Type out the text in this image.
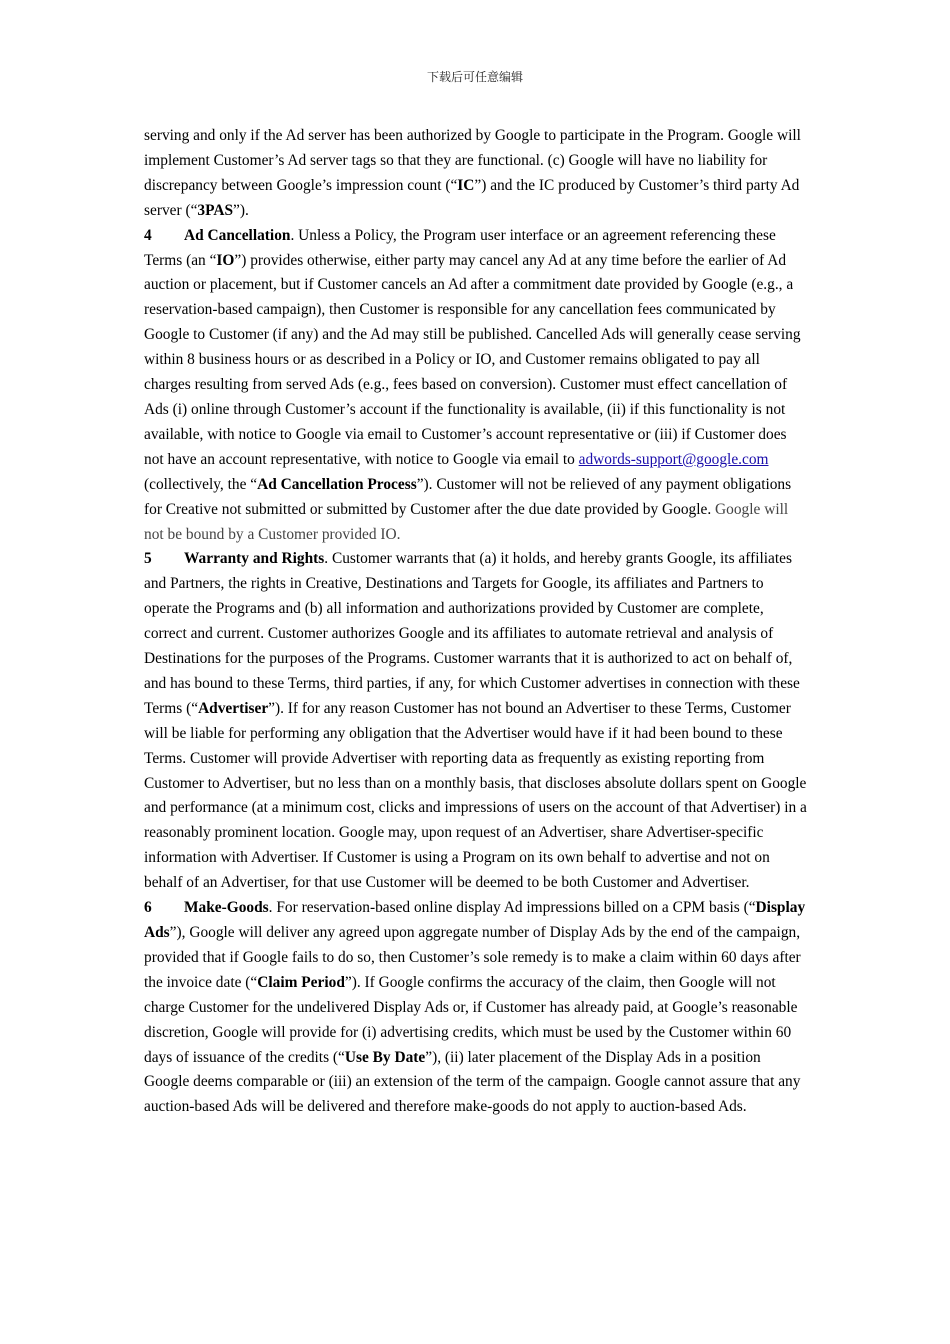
下载后可任意编辑

serving and only if the Ad server has been authorized by Google to participate in the Program. Google will implement Customer’s Ad server tags so that they are functional. (c) Google will have no liability for discrepancy between Google’s impression count (“IC”) and the IC produced by Customer’s third party Ad server (“3PAS”).

4 Ad Cancellation. Unless a Policy, the Program user interface or an agreement referencing these Terms (an “IO”) provides otherwise, either party may cancel any Ad at any time before the earlier of Ad auction or placement, but if Customer cancels an Ad after a commitment date provided by Google (e.g., a reservation-based campaign), then Customer is responsible for any cancellation fees communicated by Google to Customer (if any) and the Ad may still be published. Cancelled Ads will generally cease serving within 8 business hours or as described in a Policy or IO, and Customer remains obligated to pay all charges resulting from served Ads (e.g., fees based on conversion). Customer must effect cancellation of Ads (i) online through Customer’s account if the functionality is available, (ii) if this functionality is not available, with notice to Google via email to Customer’s account representative or (iii) if Customer does not have an account representative, with notice to Google via email to adwords-support@google.com (collectively, the “Ad Cancellation Process”). Customer will not be relieved of any payment obligations for Creative not submitted or submitted by Customer after the due date provided by Google. Google will not be bound by a Customer provided IO.

5 Warranty and Rights. Customer warrants that (a) it holds, and hereby grants Google, its affiliates and Partners, the rights in Creative, Destinations and Targets for Google, its affiliates and Partners to operate the Programs and (b) all information and authorizations provided by Customer are complete, correct and current. Customer authorizes Google and its affiliates to automate retrieval and analysis of Destinations for the purposes of the Programs. Customer warrants that it is authorized to act on behalf of, and has bound to these Terms, third parties, if any, for which Customer advertises in connection with these Terms (“Advertiser”). If for any reason Customer has not bound an Advertiser to these Terms, Customer will be liable for performing any obligation that the Advertiser would have if it had been bound to these Terms. Customer will provide Advertiser with reporting data as frequently as existing reporting from Customer to Advertiser, but no less than on a monthly basis, that discloses absolute dollars spent on Google and performance (at a minimum cost, clicks and impressions of users on the account of that Advertiser) in a reasonably prominent location. Google may, upon request of an Advertiser, share Advertiser-specific information with Advertiser. If Customer is using a Program on its own behalf to advertise and not on behalf of an Advertiser, for that use Customer will be deemed to be both Customer and Advertiser.

6 Make-Goods. For reservation-based online display Ad impressions billed on a CPM basis (“Display Ads”), Google will deliver any agreed upon aggregate number of Display Ads by the end of the campaign, provided that if Google fails to do so, then Customer’s sole remedy is to make a claim within 60 days after the invoice date (“Claim Period”). If Google confirms the accuracy of the claim, then Google will not charge Customer for the undelivered Display Ads or, if Customer has already paid, at Google’s reasonable discretion, Google will provide for (i) advertising credits, which must be used by the Customer within 60 days of issuance of the credits (“Use By Date”), (ii) later placement of the Display Ads in a position Google deems comparable or (iii) an extension of the term of the campaign. Google cannot assure that any auction-based Ads will be delivered and therefore make-goods do not apply to auction-based Ads.
